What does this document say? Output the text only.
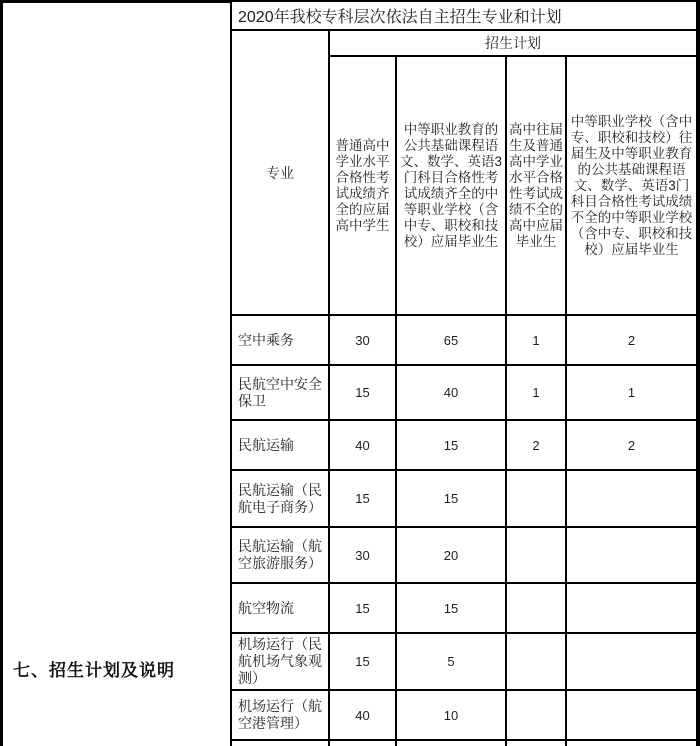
七、招生计划及说明
2020年我校专科层次依法自主招生专业和计划				
专业	招生计划			
	普通高中学业水平合格性考试成绩齐全的应届高中学生	中等职业教育的公共基础课程语文、数学、英语3门科目合格性考试成绩齐全的中等职业学校（含中专、职校和技校）应届毕业生	高中往届生及普通高中学业水平合格性考试成绩不全的高中应届毕业生	中等职业学校（含中专、职校和技校）往届生及中等职业教育的公共基础课程语文、数学、英语3门科目合格性考试成绩不全的中等职业学校（含中专、职校和技校）应届毕业生
空中乘务	30	65	1	2
民航空中安全保卫	15	40	1	1
民航运输	40	15	2	2
民航运输（民航电子商务）	15	15		
民航运输（航空旅游服务）	30	20		
航空物流	15	15		
机场运行（民航机场气象观测）	15	5		
机场运行（航空港管理）	40	10		
